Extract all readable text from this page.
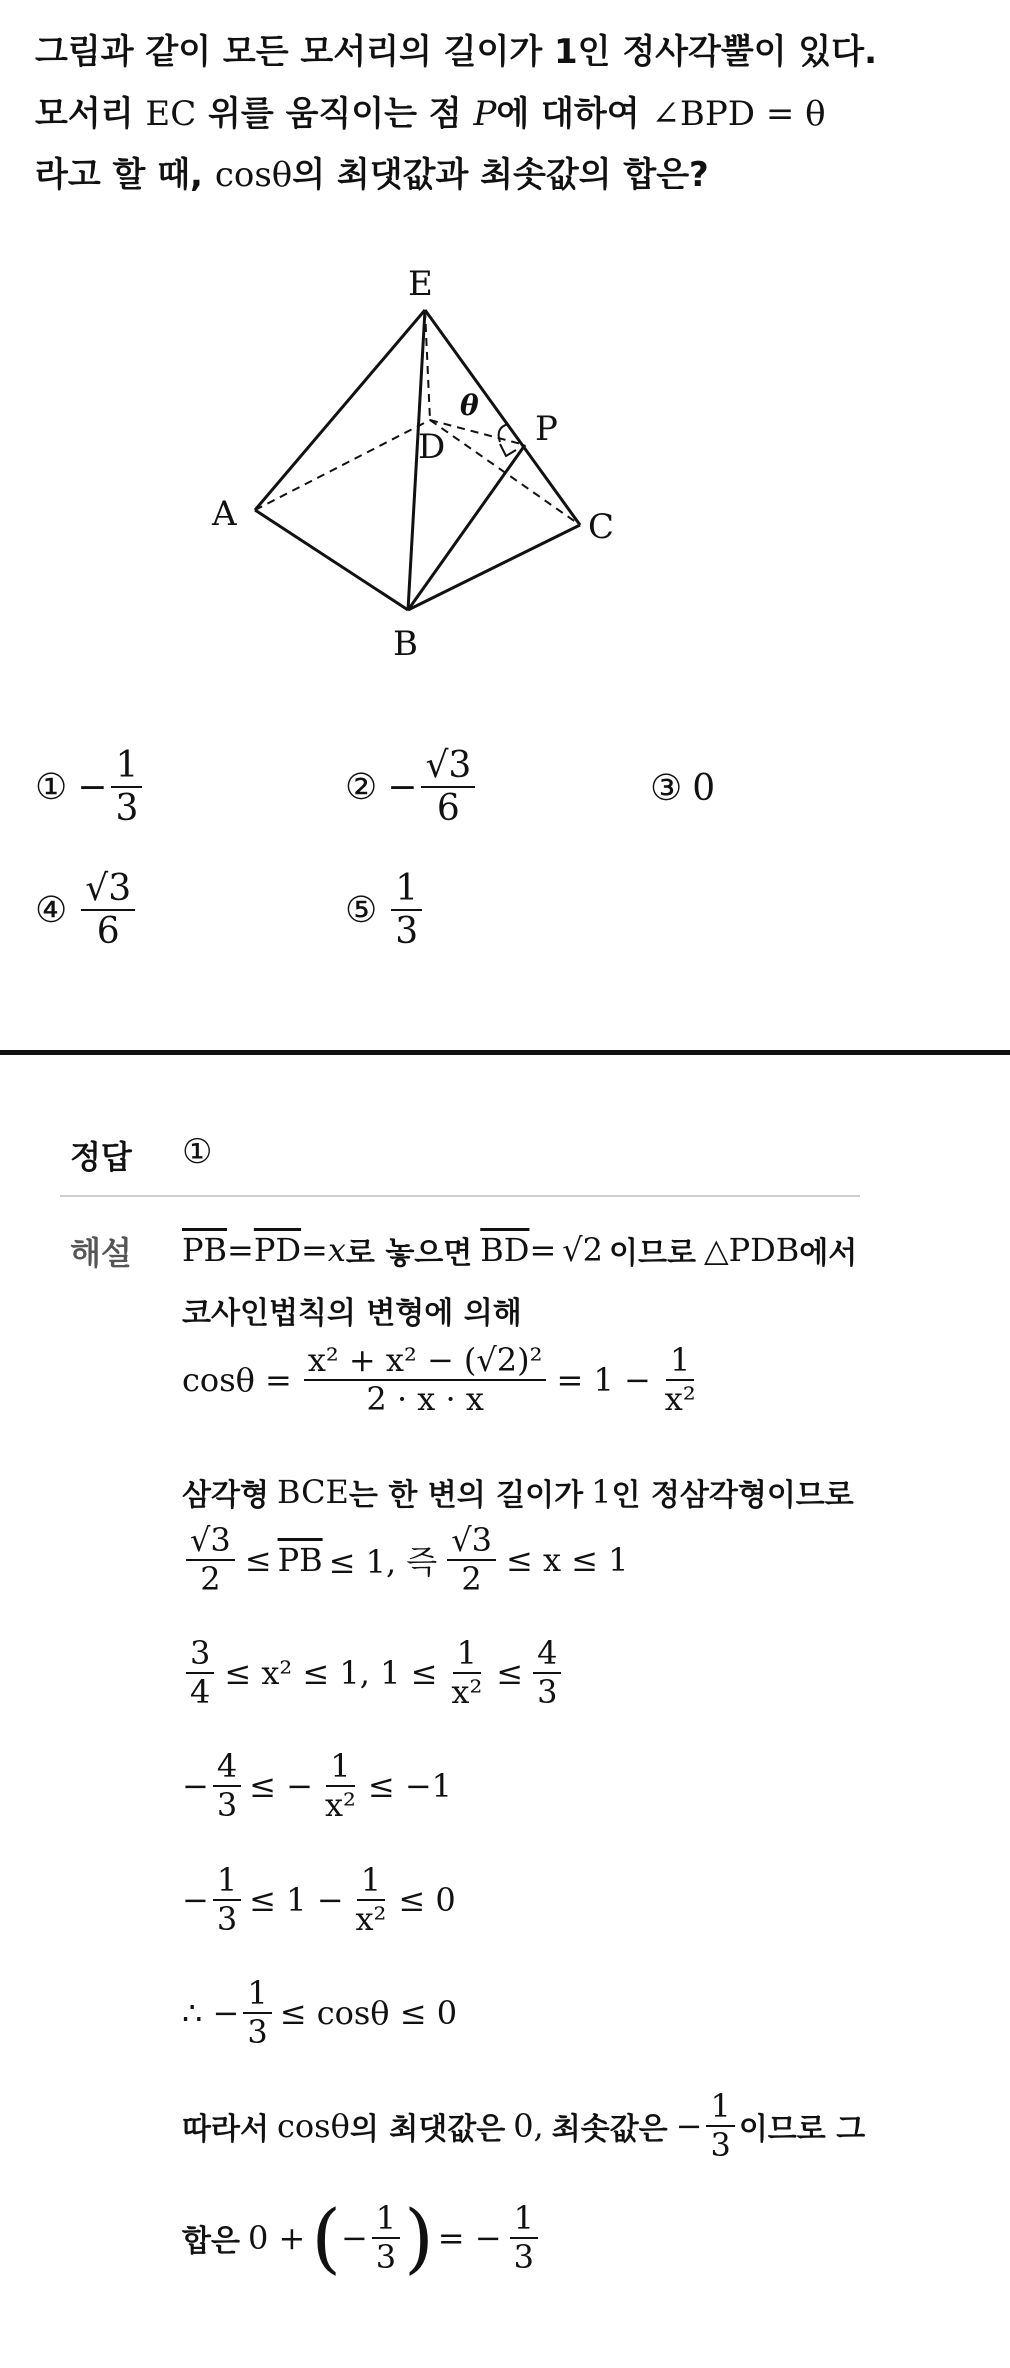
그림과 같이 모든 모서리의 길이가 1인 정사각뿔이 있다.
모서리 EC 위를 움직이는 점 P에 대하여 ∠BPD = θ
라고 할 때, cosθ의 최댓값과 최솟값의 합은?
E
D	P
A	C
B
θ
① − $\frac{1}{3}$	② − $\frac{√3}{6}$	③ 0
④ $\frac{√3}{6}$	⑤ $\frac{1}{3}$
정답 ①
해설 $\overline{PB} = \overline{PD} = x$ 로 놓으면 $\overline{BD} = √2$ 이므로 △PDB 에서
코사인법칙의 변형에 의해
$\cos\theta = \frac{\text{x² + x² − (√2)²}}{2 \cdot x \cdot x} = 1 - \frac{1}{\text{x²}}$
삼각형 BCE 는 한 변의 길이가 1 인 정삼각형이므로
$\frac{√3}{2} \le \overline{PB} \le 1$, 즉 $\frac{√3}{2} \le x \le 1$
$\frac{3}{4} \le x^2 \le 1$, $1 \le \frac{1}{\text{x²}} \le \frac{4}{3}$
− $\frac{4}{3}$ ≤ − $\frac{1}{\text{x²}} \le -1$
− $\frac{1}{3} \le 1 - \frac{1}{\text{x²}} \le 0$
∴ − $\frac{1}{3} \le \cos\theta \le 0$
따라서 cosθ 의 최댓값은 0, 최솟값은 − $\frac{1}{3}$ 이므로 그
합은 0 + ( − $\frac{1}{3}$ ) = − $\frac{1}{3}$
